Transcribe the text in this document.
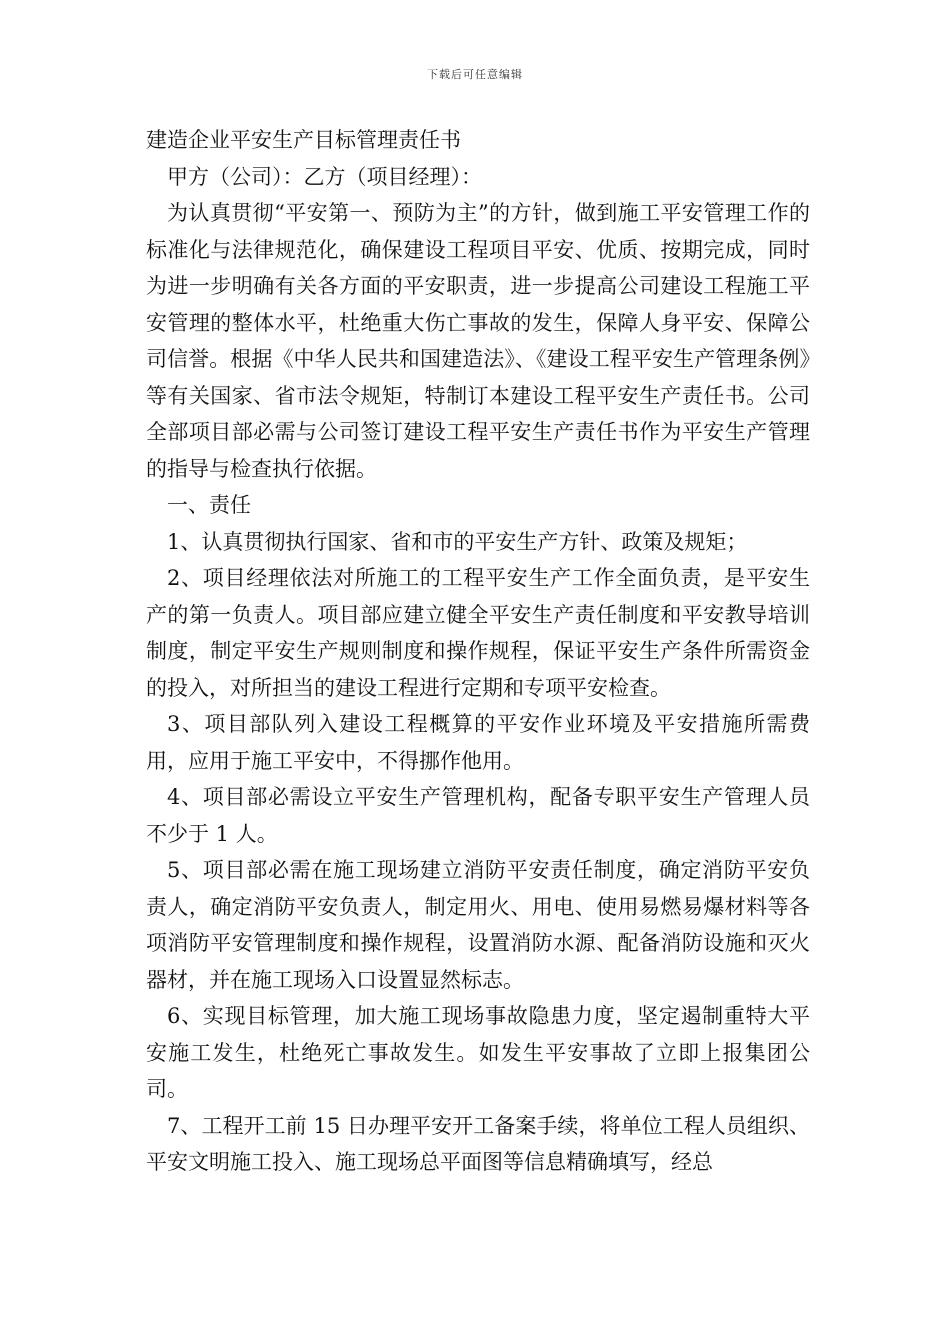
下载后可任意编辑

建造企业平安生产目标管理责任书

甲方（公司）：乙方（项目经理）：

为认真贯彻“平安第一、预防为主”的方针，做到施工平安管理工作的标准化与法律规范化，确保建设工程项目平安、优质、按期完成，同时为进一步明确有关各方面的平安职责，进一步提高公司建设工程施工平安管理的整体水平，杜绝重大伤亡事故的发生，保障人身平安、保障公司信誉。根据《中华人民共和国建造法》、《建设工程平安生产管理条例》等有关国家、省市法令规矩，特制订本建设工程平安生产责任书。公司全部项目部必需与公司签订建设工程平安生产责任书作为平安生产管理的指导与检查执行依据。

一、责任

1、认真贯彻执行国家、省和市的平安生产方针、政策及规矩；

2、项目经理依法对所施工的工程平安生产工作全面负责，是平安生产的第一负责人。项目部应建立健全平安生产责任制度和平安教导培训制度，制定平安生产规则制度和操作规程，保证平安生产条件所需资金的投入，对所担当的建设工程进行定期和专项平安检查。

3、项目部队列入建设工程概算的平安作业环境及平安措施所需费用，应用于施工平安中，不得挪作他用。

4、项目部必需设立平安生产管理机构，配备专职平安生产管理人员不少于 1 人。

5、项目部必需在施工现场建立消防平安责任制度，确定消防平安负责人，确定消防平安负责人，制定用火、用电、使用易燃易爆材料等各项消防平安管理制度和操作规程，设置消防水源、配备消防设施和灭火器材，并在施工现场入口设置显然标志。

6、实现目标管理，加大施工现场事故隐患力度，坚定遏制重特大平安施工发生，杜绝死亡事故发生。如发生平安事故了立即上报集团公司。

7、工程开工前 15 日办理平安开工备案手续，将单位工程人员组织、平安文明施工投入、施工现场总平面图等信息精确填写，经总
